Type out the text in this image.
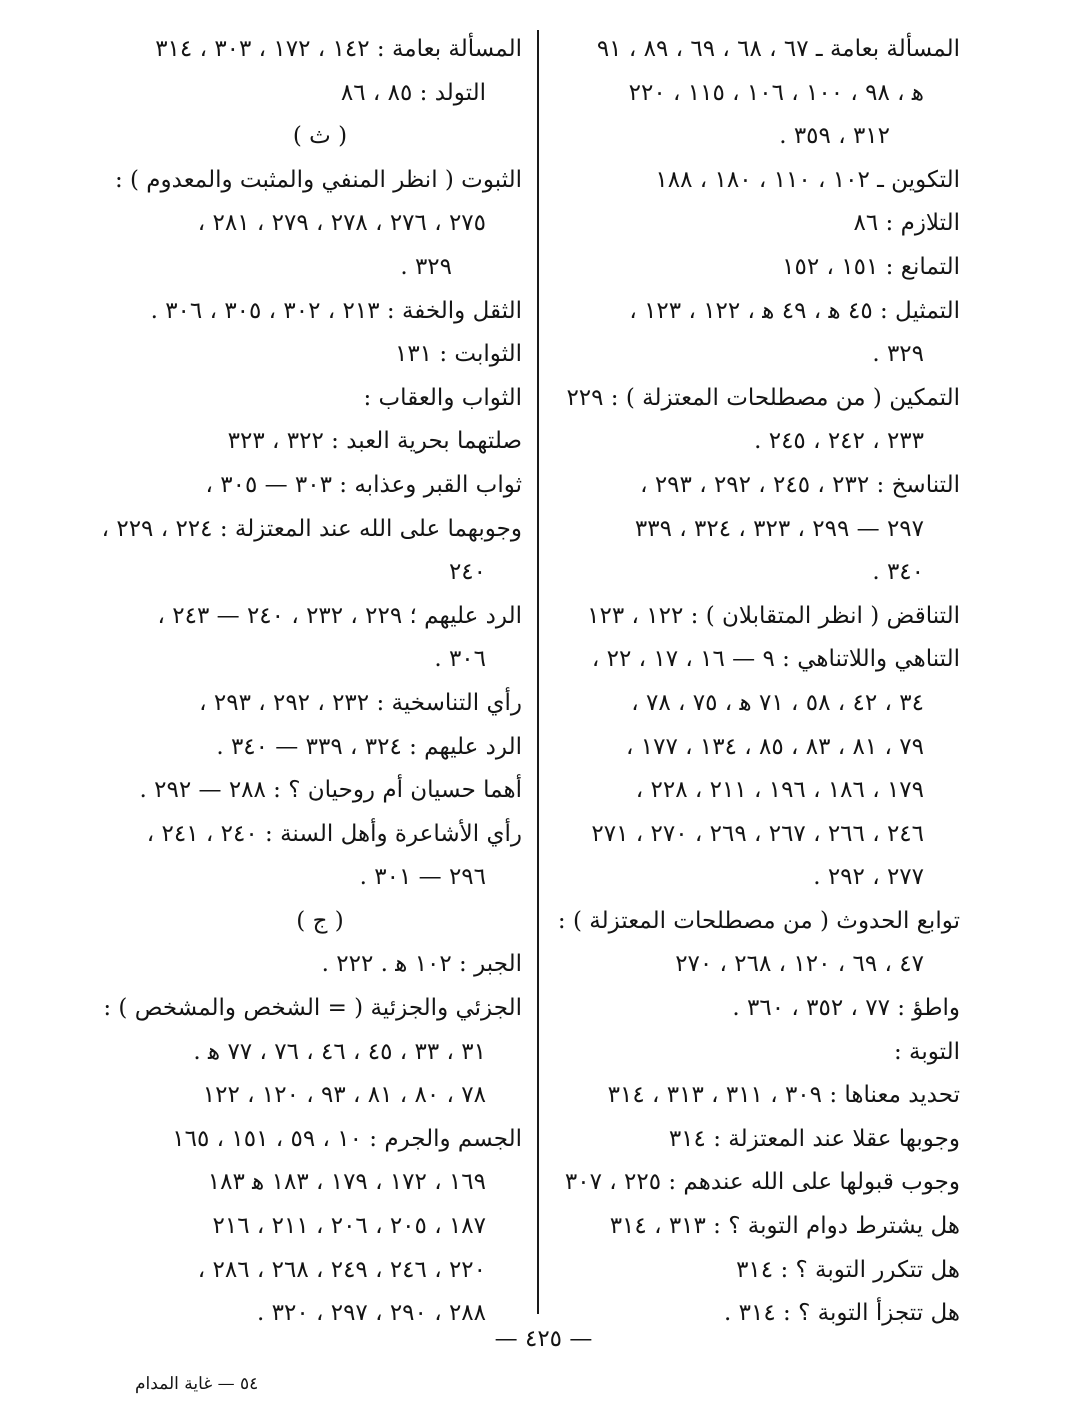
المسألة بعامة ـ ٦٧ ، ٦٨ ، ٦٩ ، ٨٩ ، ٩١
ﻫ ، ٩٨ ، ١٠٠ ، ١٠٦ ، ١١٥ ، ٢٢٠
٣١٢ ، ٣٥٩ .
التكوين ـ ١٠٢ ، ١١٠ ، ١٨٠ ، ١٨٨
التلازم : ٨٦
التمانع : ١٥١ ، ١٥٢
التمثيل : ٤٥ ﻫ ، ٤٩ ﻫ ، ١٢٢ ، ١٢٣ ،
٣٢٩ .
التمكين ( من مصطلحات المعتزلة ) : ٢٢٩
٢٣٣ ، ٢٤٢ ، ٢٤٥ .
التناسخ : ٢٣٢ ، ٢٤٥ ، ٢٩٢ ، ٢٩٣ ،
٢٩٧ — ٢٩٩ ، ٣٢٣ ، ٣٢٤ ، ٣٣٩
٣٤٠ .
التناقض ( انظر المتقابلان ) : ١٢٢ ، ١٢٣
التناهي واللاتناهي : ٩ — ١٦ ، ١٧ ، ٢٢ ،
٣٤ ، ٤٢ ، ٥٨ ، ٧١ ﻫ ، ٧٥ ، ٧٨ ،
٧٩ ، ٨١ ، ٨٣ ، ٨٥ ، ١٣٤ ، ١٧٧ ،
١٧٩ ، ١٨٦ ، ١٩٦ ، ٢١١ ، ٢٢٨ ،
٢٤٦ ، ٢٦٦ ، ٢٦٧ ، ٢٦٩ ، ٢٧٠ ، ٢٧١
٢٧٧ ، ٢٩٢ .
توابع الحدوث ( من مصطلحات المعتزلة ) :
٤٧ ، ٦٩ ، ١٢٠ ، ٢٦٨ ، ٢٧٠
واطؤ : ٧٧ ، ٣٥٢ ، ٣٦٠ .
التوبة :
تحديد معناها : ٣٠٩ ، ٣١١ ، ٣١٣ ، ٣١٤
وجوبها عقلا عند المعتزلة : ٣١٤
وجوب قبولها على الله عندهم : ٢٢٥ ، ٣٠٧
هل يشترط دوام التوبة ؟ : ٣١٣ ، ٣١٤
هل تتكرر التوبة ؟ : ٣١٤
هل تتجزأ التوبة ؟ : ٣١٤ .
المسألة بعامة : ١٤٢ ، ١٧٢ ، ٣٠٣ ، ٣١٤
التولد : ٨٥ ، ٨٦
( ث )
الثبوت ( انظر المنفي والمثبت والمعدوم ) :
٢٧٥ ، ٢٧٦ ، ٢٧٨ ، ٢٧٩ ، ٢٨١ ،
٣٢٩ .
الثقل والخفة : ٢١٣ ، ٣٠٢ ، ٣٠٥ ، ٣٠٦ .
الثوابت : ١٣١
الثواب والعقاب :
صلتهما بحرية العبد : ٣٢٢ ، ٣٢٣
ثواب القبر وعذابه : ٣٠٣ — ٣٠٥ ،
وجوبهما على الله عند المعتزلة : ٢٢٤ ، ٢٢٩ ،
٢٤٠
الرد عليهم ؛ ٢٢٩ ، ٢٣٢ ، ٢٤٠ — ٢٤٣ ،
٣٠٦ .
رأي التناسخية : ٢٣٢ ، ٢٩٢ ، ٢٩٣ ،
الرد عليهم : ٣٢٤ ، ٣٣٩ — ٣٤٠ .
أهما حسيان أم روحيان ؟ : ٢٨٨ — ٢٩٢ .
رأي الأشاعرة وأهل السنة : ٢٤٠ ، ٢٤١ ،
٢٩٦ — ٣٠١ .
( ج )
الجبر : ١٠٢ ﻫ . ٢٢٢ .
الجزئي والجزئية ( = الشخص والمشخص ) :
٣١ ، ٣٣ ، ٤٥ ، ٤٦ ، ٧٦ ، ٧٧ ﻫ .
٧٨ ، ٨٠ ، ٨١ ، ٩٣ ، ١٢٠ ، ١٢٢
الجسم والجرم : ١٠ ، ٥٩ ، ١٥١ ، ١٦٥
١٦٩ ، ١٧٢ ، ١٧٩ ، ١٨٣ ﻫ ١٨٣
١٨٧ ، ٢٠٥ ، ٢٠٦ ، ٢١١ ، ٢١٦
٢٢٠ ، ٢٤٦ ، ٢٤٩ ، ٢٦٨ ، ٢٨٦ ،
٢٨٨ ، ٢٩٠ ، ٢٩٧ ، ٣٢٠ .
— ٤٢٥ —
٥٤ — غاية المدام
